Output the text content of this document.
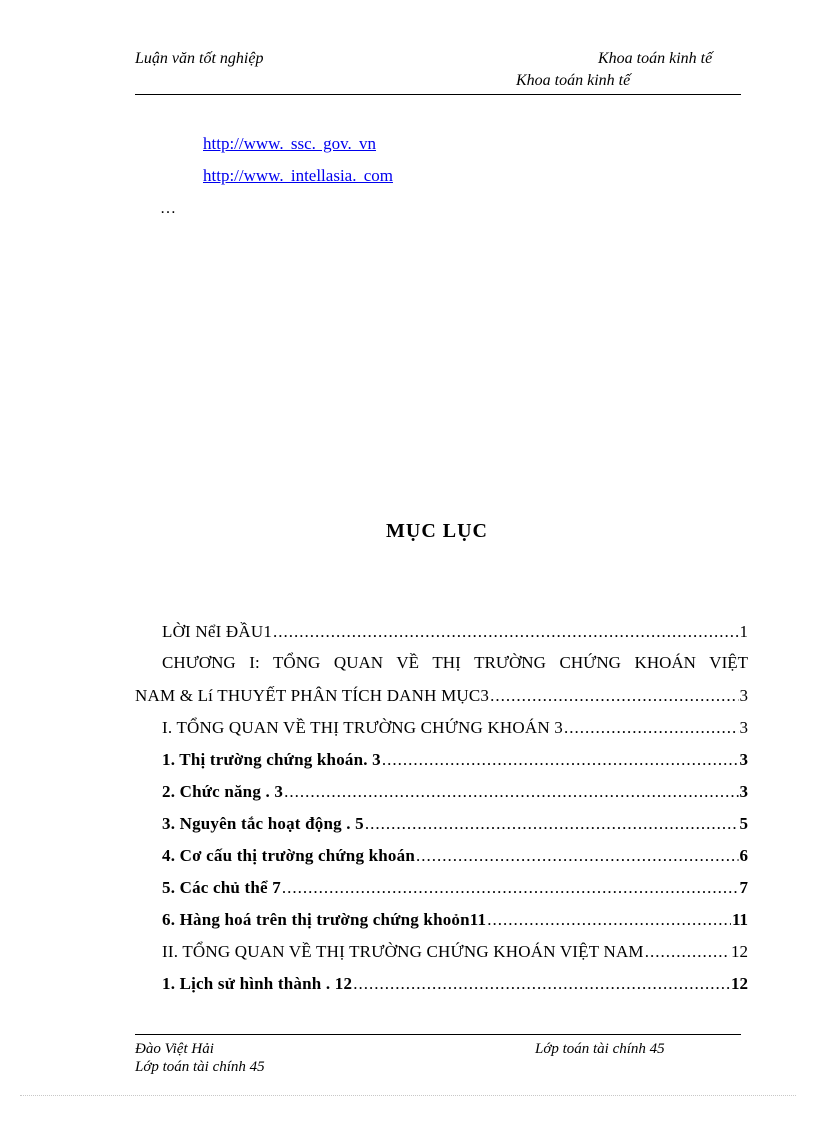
Luận văn tốt nghiệp	Khoa toán kinh tế
Khoa toán kinh tế
http://www. ssc. gov. vn
http://www. intellasia. com
…
MỤC LỤC
LỜI NểI ĐẦU1 .....	1
CHƯƠNG I: TỔNG QUAN VỀ THỊ TRƯỜNG CHỨNG KHOÁN VIỆT
NAM & Lí THUYẾT PHÂN TÍCH DANH MỤC3 .....	3
I. TỔNG QUAN VỀ THỊ TRƯỜNG CHỨNG KHOÁN 3 .....	3
1. Thị trường chứng khoán. 3 .....	3
2. Chức năng . 3 .....	3
3. Nguyên tắc hoạt động . 5 .....	5
4. Cơ cấu thị trường chứng khoán .....	6
5. Các chủ thể 7 .....	7
6. Hàng hoá trên thị trường chứng khoỏn11 .....	11
II. TỔNG QUAN VỀ THỊ TRƯỜNG CHỨNG KHOÁN VIỆT NAM .....	12
1. Lịch sử hình thành . 12 .....	12
Đào Việt Hải	Lớp toán tài chính 45
Lớp toán tài chính 45
